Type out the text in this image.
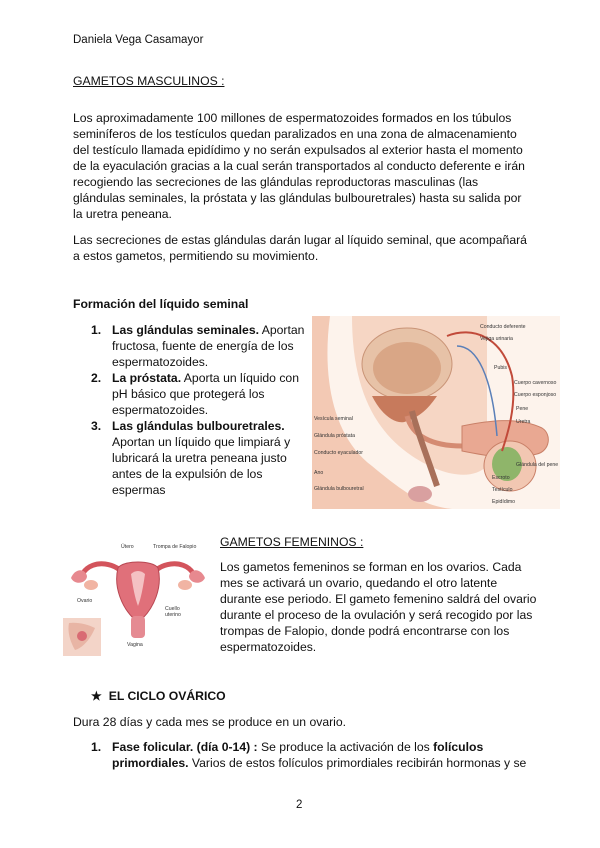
Daniela Vega Casamayor
GAMETOS MASCULINOS :

Los aproximadamente 100 millones de espermatozoides formados en los túbulos seminíferos de los testículos quedan paralizados en una zona de almacenamiento del testículo llamada epidídimo y no serán expulsados al exterior hasta el momento de la eyaculación gracias a la cual serán transportados al conducto deferente e irán recogiendo las secreciones de las glándulas reproductoras masculinas (las glándulas seminales, la próstata y las glándulas bulbouretrales) hasta su salida por la uretra peneana.

Las secreciones de estas glándulas darán lugar al líquido seminal, que acompañará a estos gametos, permitiendo su movimiento.

Formación del líquido seminal
1. Las glándulas seminales. Aportan fructosa, fuente de energía de los espermatozoides.
2. La próstata. Aporta un líquido con pH básico que protegerá los espermatozoides.
3. Las glándulas bulbouretrales. Aportan un líquido que limpiará y lubricará la uretra peneana justo antes de la expulsión de los espermas
Conducto deferente
Vejiga urinaria
Pubis
Cuerpo cavernoso
Cuerpo esponjoso
Pene
Uretra
Glándula del pene
Escroto
Testículo
Epidídimo
Vesícula seminal
Glándula próstata
Conducto eyaculador
Ano
Glándula bulbouretral
Útero	Trompa de Falopio
Ovario
Cuello uterino
Vagina
GAMETOS FEMENINOS :

Los gametos femeninos se forman en los ovarios. Cada mes se activará un ovario, quedando el otro latente durante ese periodo. El gameto femenino saldrá del ovario durante el proceso de la ovulación y será recogido por las trompas de Falopio, donde podrá encontrarse con los espermatozoides.

★ EL CICLO OVÁRICO
Dura 28 días y cada mes se produce en un ovario.
1. Fase folicular. (día 0-14) : Se produce la activación de los folículos primordiales. Varios de estos folículos primordiales recibirán hormonas y se
2
